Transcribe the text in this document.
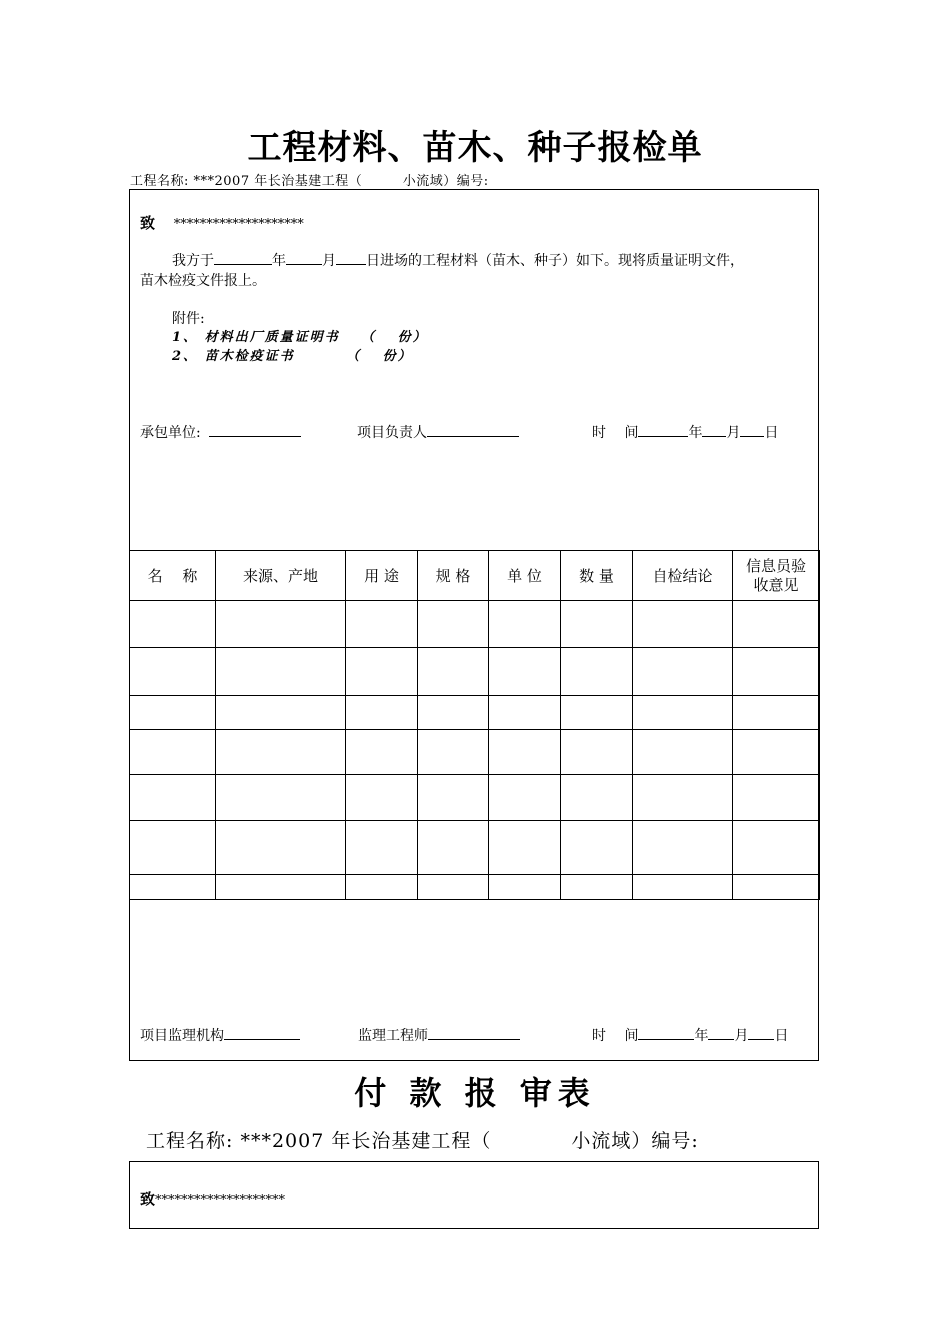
工程材料、苗木、种子报检单
工程名称: ***2007 年长治基建工程（　　　小流域）编号:
致 ********************
我方于	年	月 日进场的工程材料（苗木、种子）如下。现将质量证明文件，
苗木检疫文件报上。
附件:
1、 材料出厂质量证明书　 （　 份）
2、 苗木检疫证书　　　 （　 份）
承包单位:	项目负责人	时　 间	年 月 日
名　 称	来源、产地	用 途	规 格	单 位	数 量	自检结论	信息员验
收意见

项目监理机构	监理工程师	时　 间	年 月 日
付 款 报 审表
工程名称: ***2007 年长治基建工程（　　　　小流域）编号:
致********************
